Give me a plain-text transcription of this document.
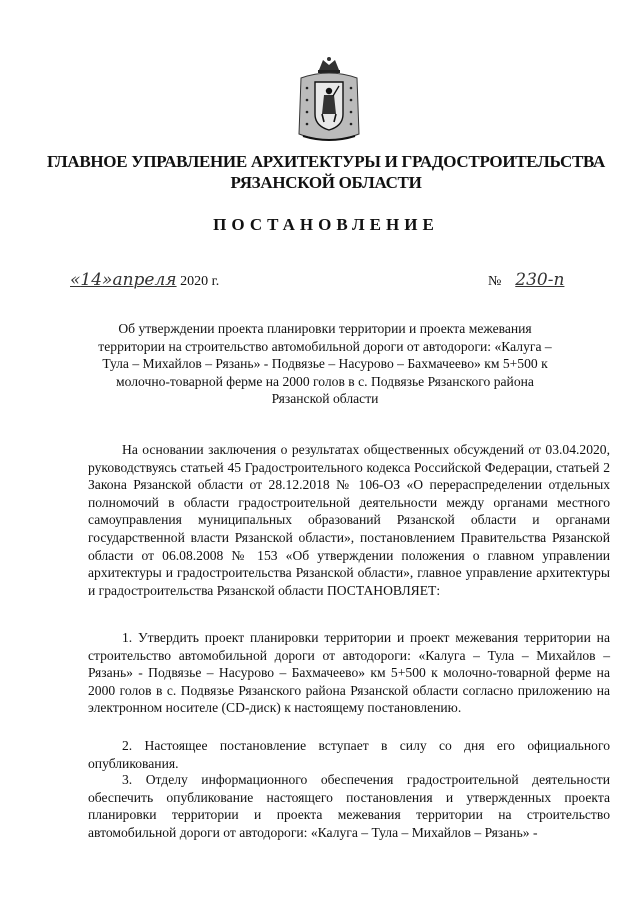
ГЛАВНОЕ УПРАВЛЕНИЕ АРХИТЕКТУРЫ И ГРАДОСТРОИТЕЛЬСТВА
РЯЗАНСКОЙ ОБЛАСТИ
ПОСТАНОВЛЕНИЕ
«14»апреля 2020 г.	№ 230-п
Об утверждении проекта планировки территории и проекта межевания
территории на строительство автомобильной дороги от автодороги: «Калуга –
Тула – Михайлов – Рязань» - Подвязье – Насурово – Бахмачеево» км 5+500 к
молочно-товарной ферме на 2000 голов в с. Подвязье Рязанского района
Рязанской области

На основании заключения о результатах общественных обсуждений от 03.04.2020, руководствуясь статьей 45 Градостроительного кодекса Российской Федерации, статьей 2 Закона Рязанской области от 28.12.2018 № 106-ОЗ «О перераспределении отдельных полномочий в области градостроительной деятельности между органами местного самоуправления муниципальных образований Рязанской области и органами государственной власти Рязанской области», постановлением Правительства Рязанской области от 06.08.2008 № 153 «Об утверждении положения о главном управлении архитектуры и градостроительства Рязанской области», главное управление архитектуры и градостроительства Рязанской области ПОСТАНОВЛЯЕТ:

1. Утвердить проект планировки территории и проект межевания территории на строительство автомобильной дороги от автодороги: «Калуга – Тула – Михайлов – Рязань» - Подвязье – Насурово – Бахмачеево» км 5+500 к молочно-товарной ферме на 2000 голов в с. Подвязье Рязанского района Рязанской области согласно приложению на электронном носителе (CD-диск) к настоящему постановлению.

2. Настоящее постановление вступает в силу со дня его официального опубликования.

3. Отделу информационного обеспечения градостроительной деятельности обеспечить опубликование настоящего постановления и утвержденных проекта планировки территории и проекта межевания территории на строительство автомобильной дороги от автодороги: «Калуга – Тула – Михайлов – Рязань» -
